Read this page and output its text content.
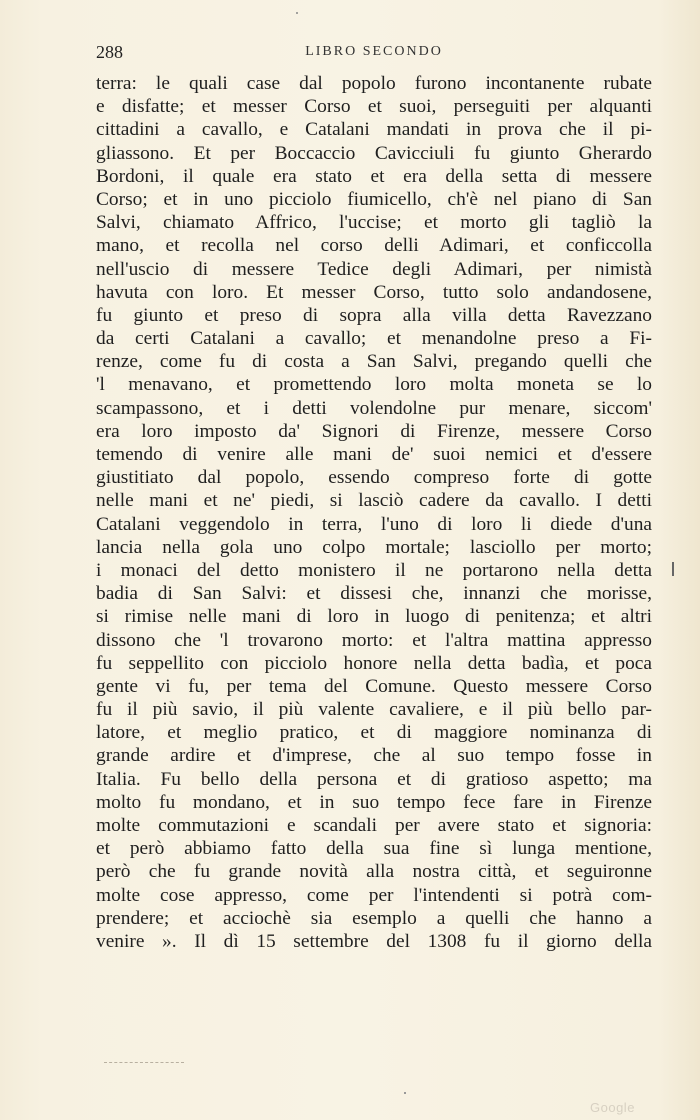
288	LIBRO SECONDO
terra: le quali case dal popolo furono incontanente rubate
e disfatte; et messer Corso et suoi, perseguiti per alquanti
cittadini a cavallo, e Catalani mandati in prova che il pi-
gliassono. Et per Boccaccio Cavicciuli fu giunto Gherardo
Bordoni, il quale era stato et era della setta di messere
Corso; et in uno picciolo fiumicello, ch'è nel piano di San
Salvi, chiamato Affrico, l'uccise; et morto gli tagliò la
mano, et recolla nel corso delli Adimari, et conficcolla
nell'uscio di messere Tedice degli Adimari, per nimistà
havuta con loro. Et messer Corso, tutto solo andandosene,
fu giunto et preso di sopra alla villa detta Ravezzano
da certi Catalani a cavallo; et menandolne preso a Fi-
renze, come fu di costa a San Salvi, pregando quelli che
'l menavano, et promettendo loro molta moneta se lo
scampassono, et i detti volendolne pur menare, siccom'
era loro imposto da' Signori di Firenze, messere Corso
temendo di venire alle mani de' suoi nemici et d'essere
giustitiato dal popolo, essendo compreso forte di gotte
nelle mani et ne' piedi, si lasciò cadere da cavallo. I detti
Catalani veggendolo in terra, l'uno di loro li diede d'una
lancia nella gola uno colpo mortale; lasciollo per morto;
i monaci del detto monistero il ne portarono nella detta
badia di San Salvi: et dissesi che, innanzi che morisse,
si rimise nelle mani di loro in luogo di penitenza; et altri
dissono che 'l trovarono morto: et l'altra mattina appresso
fu seppellito con picciolo honore nella detta badìa, et poca
gente vi fu, per tema del Comune. Questo messere Corso
fu il più savio, il più valente cavaliere, e il più bello par-
latore, et meglio pratico, et di maggiore nominanza di
grande ardire et d'imprese, che al suo tempo fosse in
Italia. Fu bello della persona et di gratioso aspetto; ma
molto fu mondano, et in suo tempo fece fare in Firenze
molte commutazioni e scandali per avere stato et signoria:
et però abbiamo fatto della sua fine sì lunga mentione,
però che fu grande novità alla nostra città, et seguironne
molte cose appresso, come per l'intendenti si potrà com-
prendere; et acciochè sia esemplo a quelli che hanno a
venire ». Il dì 15 settembre del 1308 fu il giorno della
Google
